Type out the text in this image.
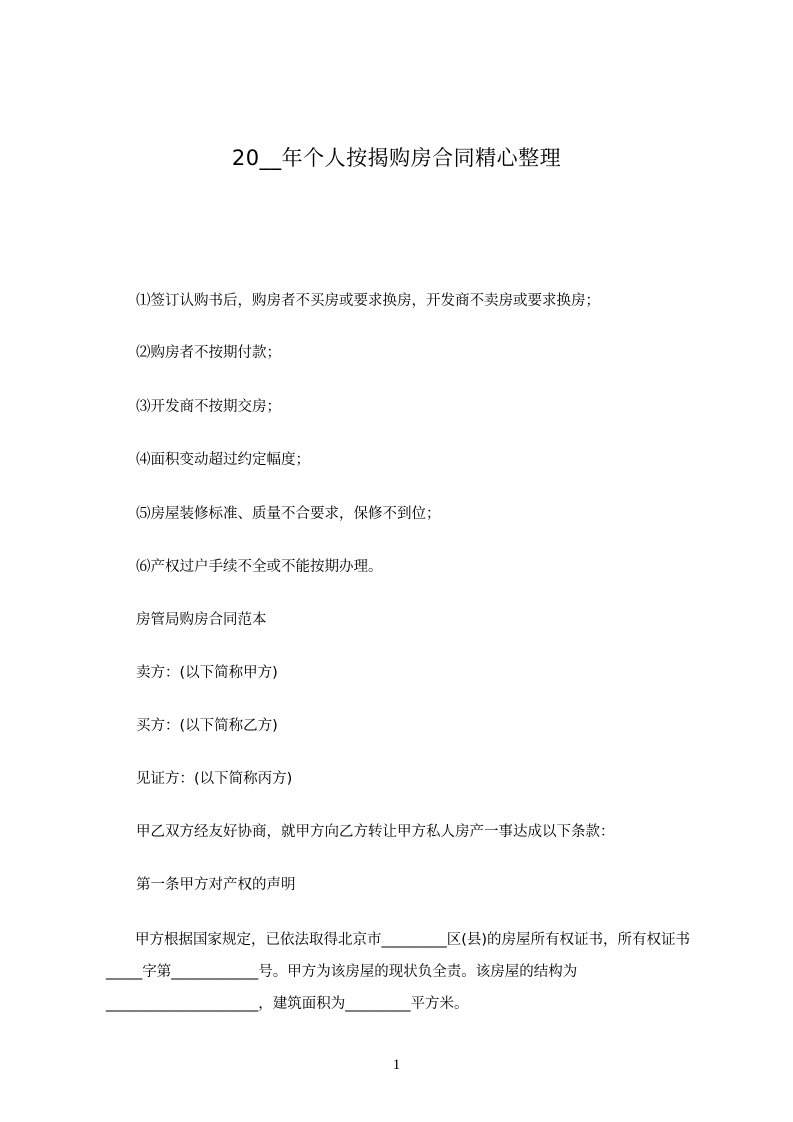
20__年个人按揭购房合同精心整理
⑴签订认购书后，购房者不买房或要求换房，开发商不卖房或要求换房；
⑵购房者不按期付款；
⑶开发商不按期交房；
⑷面积变动超过约定幅度；
⑸房屋装修标准、质量不合要求，保修不到位；
⑹产权过户手续不全或不能按期办理。
房管局购房合同范本
卖方：(以下简称甲方)
买方：(以下简称乙方)
见证方：(以下简称丙方)
甲乙双方经友好协商，就甲方向乙方转让甲方私人房产一事达成以下条款：
第一条甲方对产权的声明
甲方根据国家规定，已依法取得北京市_________区(县)的房屋所有权证书，所有权证书_____字第____________号。甲方为该房屋的现状负全责。该房屋的结构为_____________________，建筑面积为_________平方米。
1
